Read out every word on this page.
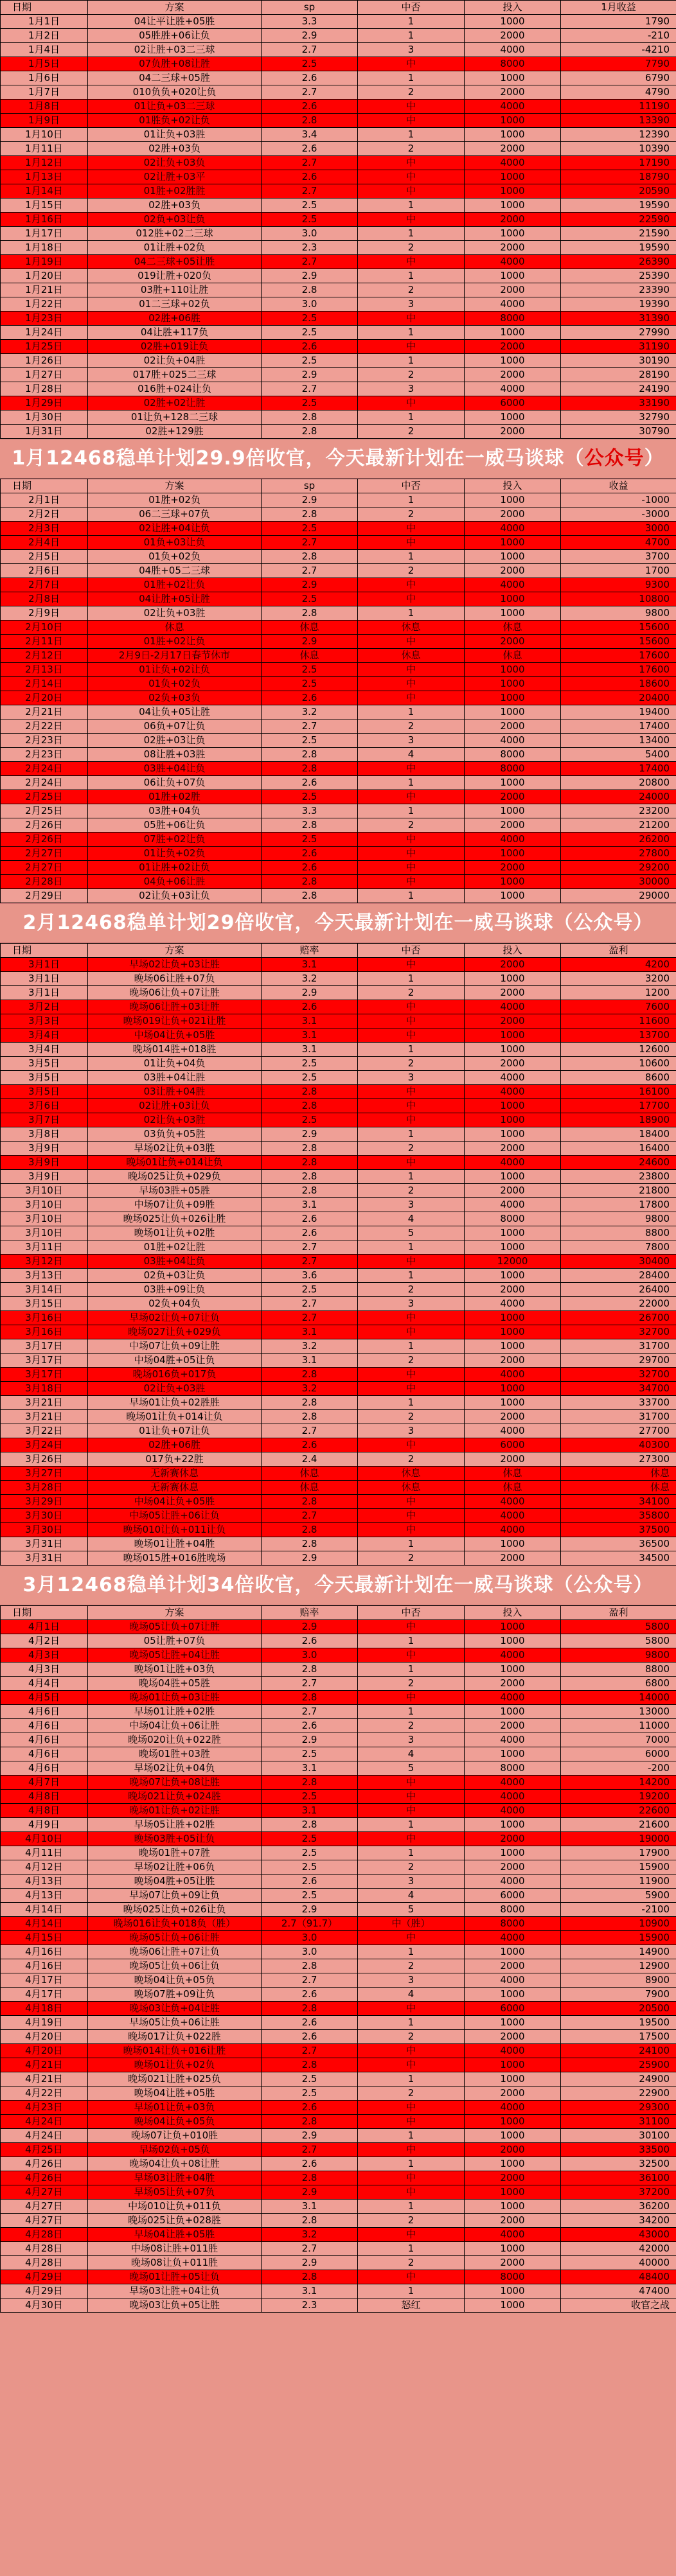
日期	方案	sp	中否	投入	1月收益
1月1日	04让平让胜+05胜	3.3	1	1000	1790
1月2日	05胜胜+06让负	2.9	1	2000	-210
1月4日	02让胜+03二三球	2.7	3	4000	-4210
1月5日	07负胜+08让胜	2.5	中	8000	7790
1月6日	04二三球+05胜	2.6	1	1000	6790
1月7日	010负负+020让负	2.7	2	2000	4790
1月8日	01让负+03二三球	2.6	中	4000	11190
1月9日	01胜负+02让负	2.8	中	1000	13390
1月10日	01让负+03胜	3.4	1	1000	12390
1月11日	02胜+03负	2.6	2	2000	10390
1月12日	02让负+03负	2.7	中	4000	17190
1月13日	02让胜+03平	2.6	中	1000	18790
1月14日	01胜+02胜胜	2.7	中	1000	20590
1月15日	02胜+03负	2.5	1	1000	19590
1月16日	02负+03让负	2.5	中	2000	22590
1月17日	012胜+02二三球	3.0	1	1000	21590
1月18日	01让胜+02负	2.3	2	2000	19590
1月19日	04二三球+05让胜	2.7	中	4000	26390
1月20日	019让胜+020负	2.9	1	1000	25390
1月21日	03胜+110让胜	2.8	2	2000	23390
1月22日	01二三球+02负	3.0	3	4000	19390
1月23日	02胜+06胜	2.5	中	8000	31390
1月24日	04让胜+117负	2.5	1	1000	27990
1月25日	02胜+019让负	2.6	中	2000	31190
1月26日	02让负+04胜	2.5	1	1000	30190
1月27日	017胜+025二三球	2.9	2	2000	28190
1月28日	016胜+024让负	2.7	3	4000	24190
1月29日	02胜+02让胜	2.5	中	6000	33190
1月30日	01让负+128二三球	2.8	1	1000	32790
1月31日	02胜+129胜	2.8	2	2000	30790
1月12468稳单计划29.9倍收官，今天最新计划在一威马谈球（公众号）
日期	方案	sp	中否	投入	收益
2月1日	01胜+02负	2.9	1	1000	-1000
2月2日	06二三球+07负	2.8	2	2000	-3000
2月3日	02让胜+04让负	2.5	中	4000	3000
2月4日	01负+03让负	2.7	中	1000	4700
2月5日	01负+02负	2.8	1	1000	3700
2月6日	04胜+05二三球	2.7	2	2000	1700
2月7日	01胜+02让负	2.9	中	4000	9300
2月8日	04让胜+05让胜	2.5	中	1000	10800
2月9日	02让负+03胜	2.8	1	1000	9800
2月10日	休息	休息	休息	休息	15600
2月11日	01胜+02让负	2.9	中	2000	15600
2月12日	2月9日-2月17日春节休市	休息	休息	休息	17600
2月13日	01让负+02让负	2.5	中	1000	17600
2月14日	01负+02负	2.5	中	1000	18600
2月20日	02负+03负	2.6	中	1000	20400
2月21日	04让负+05让胜	3.2	1	1000	19400
2月22日	06负+07让负	2.7	2	2000	17400
2月23日	02胜+03让负	2.5	3	4000	13400
2月23日	08让胜+03胜	2.8	4	8000	5400
2月24日	03胜+04让负	2.8	中	8000	17400
2月24日	06让负+07负	2.6	1	1000	20800
2月25日	01胜+02胜	2.5	中	2000	24000
2月25日	03胜+04负	3.3	1	1000	23200
2月26日	05胜+06让负	2.8	2	2000	21200
2月26日	07胜+02让负	2.5	中	4000	26200
2月27日	01让负+02负	2.6	中	1000	27800
2月27日	01让胜+02让负	2.6	中	2000	29200
2月28日	04负+06让胜	2.8	中	1000	30000
2月29日	02让负+03让负	2.8	1	1000	29000
2月12468稳单计划29倍收官，今天最新计划在一威马谈球（公众号）
日期	方案	赔率	中否	投入	盈利
3月1日	早场02让负+03让胜	3.1	中	2000	4200
3月1日	晚场06让胜+07负	3.2	1	1000	3200
3月1日	晚场06让负+07让胜	2.9	2	2000	1200
3月2日	晚场06让胜+03让胜	2.6	中	4000	7600
3月3日	晚场019让负+021让胜	3.1	中	2000	11600
3月4日	中场04让负+05胜	3.1	中	1000	13700
3月4日	晚场014胜+018胜	3.1	1	1000	12600
3月5日	01让负+04负	2.5	2	2000	10600
3月5日	03胜+04让胜	2.5	3	4000	8600
3月5日	03让胜+04胜	2.8	中	4000	16100
3月6日	02让胜+03让负	2.8	中	1000	17700
3月7日	02让负+03胜	2.5	中	1000	18900
3月8日	03负负+05胜	2.9	1	1000	18400
3月9日	早场02让负+03胜	2.8	2	2000	16400
3月9日	晚场01让负+014让负	2.8	中	4000	24600
3月9日	晚场025让负+029负	2.8	1	1000	23800
3月10日	早场03胜+05胜	2.8	2	2000	21800
3月10日	中场07让负+09胜	3.1	3	4000	17800
3月10日	晚场025让负+026让胜	2.6	4	8000	9800
3月10日	晚场01让负+02胜	2.6	5	1000	8800
3月11日	01胜+02让胜	2.7	1	1000	7800
3月12日	03胜+04让负	2.7	中	12000	30400
3月13日	02负+03让负	3.6	1	1000	28400
3月14日	03胜+09让负	2.5	2	2000	26400
3月15日	02负+04负	2.7	3	4000	22000
3月16日	早场02让负+07让负	2.7	中	1000	26700
3月16日	晚场027让负+029负	3.1	中	1000	32700
3月17日	中场07让负+09让胜	3.2	1	1000	31700
3月17日	中场04胜+05让负	3.1	2	2000	29700
3月17日	晚场016负+017负	2.8	中	4000	32700
3月18日	02让负+03胜	3.2	中	1000	34700
3月21日	早场01让负+02胜胜	2.8	1	1000	33700
3月21日	晚场01让负+014让负	2.8	2	2000	31700
3月22日	01让负+07让负	2.7	3	4000	27700
3月24日	02胜+06胜	2.6	中	6000	40300
3月26日	017负+22胜	2.4	2	2000	27300
3月27日	无新赛休息	休息	休息	休息	休息
3月28日	无新赛休息	休息	休息	休息	休息
3月29日	中场04让负+05胜	2.8	中	4000	34100
3月30日	中场05让胜+06让负	2.7	中	4000	35800
3月30日	晚场010让负+011让负	2.8	中	4000	37500
3月31日	晚场01让胜+04胜	2.8	1	1000	36500
3月31日	晚场015胜+016胜晚场	2.9	2	2000	34500
3月12468稳单计划34倍收官，今天最新计划在一威马谈球（公众号）
日期	方案	赔率	中否	投入	盈利
4月1日	晚场05让负+07让胜	2.9	中	1000	5800
4月2日	05让胜+07负	2.6	1	1000	5800
4月3日	晚场05让胜+04让胜	3.0	中	4000	9800
4月3日	晚场01让胜+03负	2.8	1	1000	8800
4月4日	晚场04胜+05胜	2.7	2	2000	6800
4月5日	晚场01让负+03让胜	2.8	中	4000	14000
4月6日	早场01让胜+02胜	2.7	1	1000	13000
4月6日	中场04让负+06让胜	2.6	2	2000	11000
4月6日	晚场020让负+022胜	2.9	3	4000	7000
4月6日	晚场01胜+03胜	2.5	4	1000	6000
4月6日	早场02让负+04负	3.1	5	8000	-200
4月7日	晚场07让负+08让胜	2.8	中	4000	14200
4月8日	晚场021让负+024胜	2.5	中	4000	19200
4月8日	晚场01让负+02让胜	3.1	中	4000	22600
4月9日	早场05让胜+02胜	2.8	1	1000	21600
4月10日	晚场03胜+05让负	2.5	中	2000	19000
4月11日	晚场01胜+07胜	2.5	1	1000	17900
4月12日	早场02让胜+06负	2.5	2	2000	15900
4月13日	晚场04胜+05让胜	2.6	3	4000	11900
4月13日	早场07让负+09让负	2.5	4	6000	5900
4月14日	晚场025让负+026让负	2.9	5	8000	-2100
4月14日	晚场016让负+018负（胜）	2.7（91.7）	中（胜）	8000	10900
4月15日	晚场05让负+06让胜	3.0	中	4000	15900
4月16日	晚场06让胜+07让负	3.0	1	1000	14900
4月16日	晚场05让负+06让负	2.8	2	2000	12900
4月17日	晚场04让负+05负	2.7	3	4000	8900
4月17日	晚场07胜+09让负	2.6	4	1000	7900
4月18日	晚场03让负+04让胜	2.8	中	6000	20500
4月19日	早场05让负+06让胜	2.6	1	1000	19500
4月20日	晚场017让负+022胜	2.6	2	2000	17500
4月20日	晚场014让负+016让胜	2.7	中	4000	24100
4月21日	晚场01让负+02负	2.8	中	1000	25900
4月21日	晚场021让胜+025负	2.5	1	1000	24900
4月22日	晚场04让胜+05胜	2.5	2	2000	22900
4月23日	早场01让负+03负	2.6	中	4000	29300
4月24日	晚场04让负+05负	2.8	中	1000	31100
4月24日	晚场07让负+010胜	2.9	1	1000	30100
4月25日	早场02负+05负	2.7	中	2000	33500
4月26日	晚场04让负+08让胜	2.6	1	1000	32500
4月26日	早场03让胜+04胜	2.8	中	2000	36100
4月27日	早场05让负+07负	2.9	中	1000	37200
4月27日	中场010让负+011负	3.1	1	1000	36200
4月27日	晚场025让负+028胜	2.8	2	2000	34200
4月28日	早场04让胜+05胜	3.2	中	4000	43000
4月28日	中场08让胜+011胜	2.7	1	1000	42000
4月28日	晚场08让负+011胜	2.9	2	2000	40000
4月29日	晚场01让胜+05让负	2.8	中	8000	48400
4月29日	早场03让胜+04让负	3.1	1	1000	47400
4月30日	晚场03让负+05让胜	2.3	怒红	1000	收官之战
